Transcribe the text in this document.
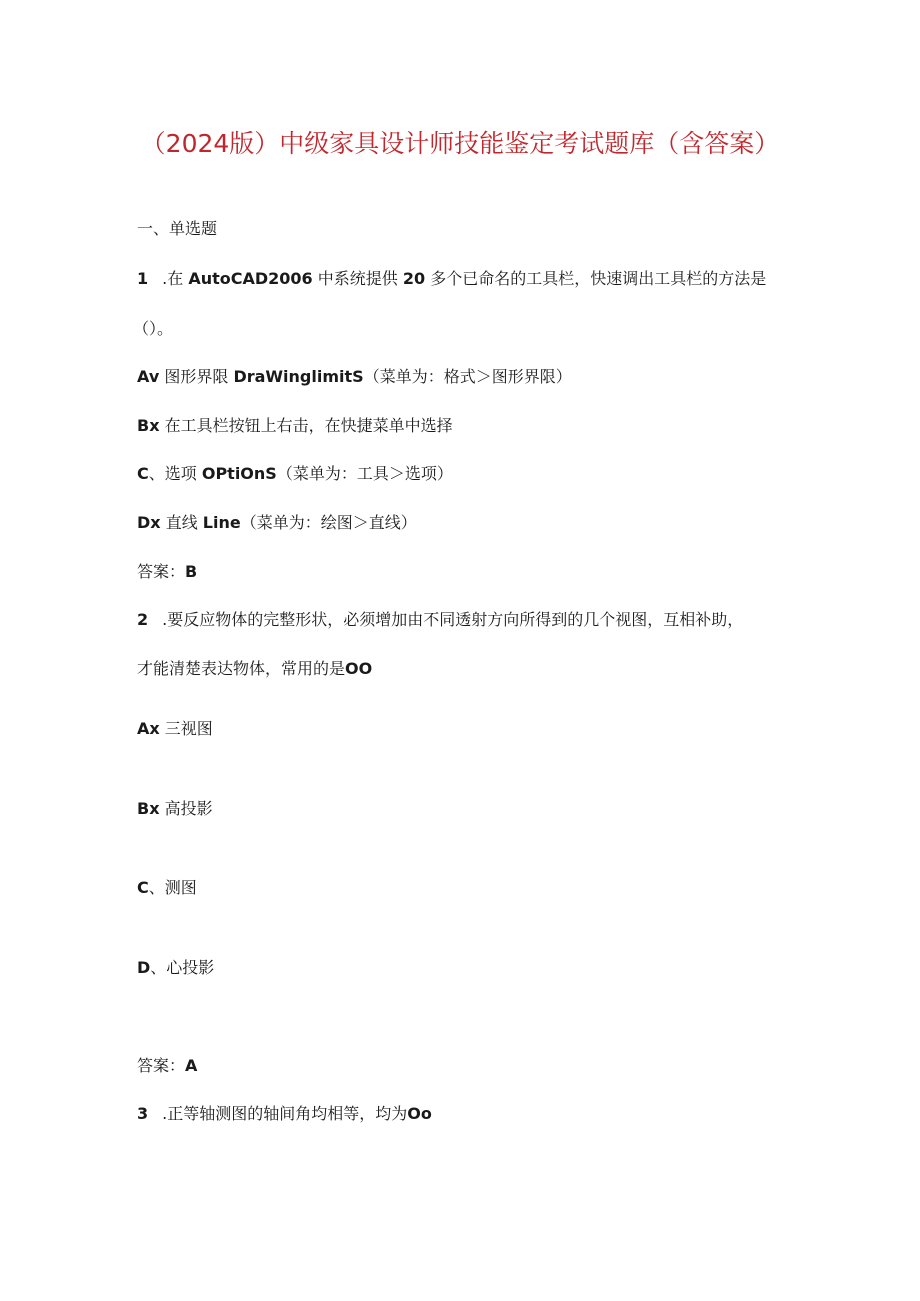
（2024版）中级家具设计师技能鉴定考试题库（含答案）
一、单选题
1 .在 AutoCAD2006 中系统提供 20 多个已命名的工具栏，快速调出工具栏的方法是
（）。
Av 图形界限 DraWinglimitS（菜单为：格式＞图形界限）
Bx 在工具栏按钮上右击，在快捷菜单中选择
C、选项 OPtiOnS（菜单为：工具＞选项）
Dx 直线 Line（菜单为：绘图＞直线）
答案：B
2 .要反应物体的完整形状，必须增加由不同透射方向所得到的几个视图，互相补助，
才能清楚表达物体，常用的是OO
Ax 三视图
Bx 高投影
C、测图
D、心投影
答案：A
3 .正等轴测图的轴间角均相等，均为Oo
